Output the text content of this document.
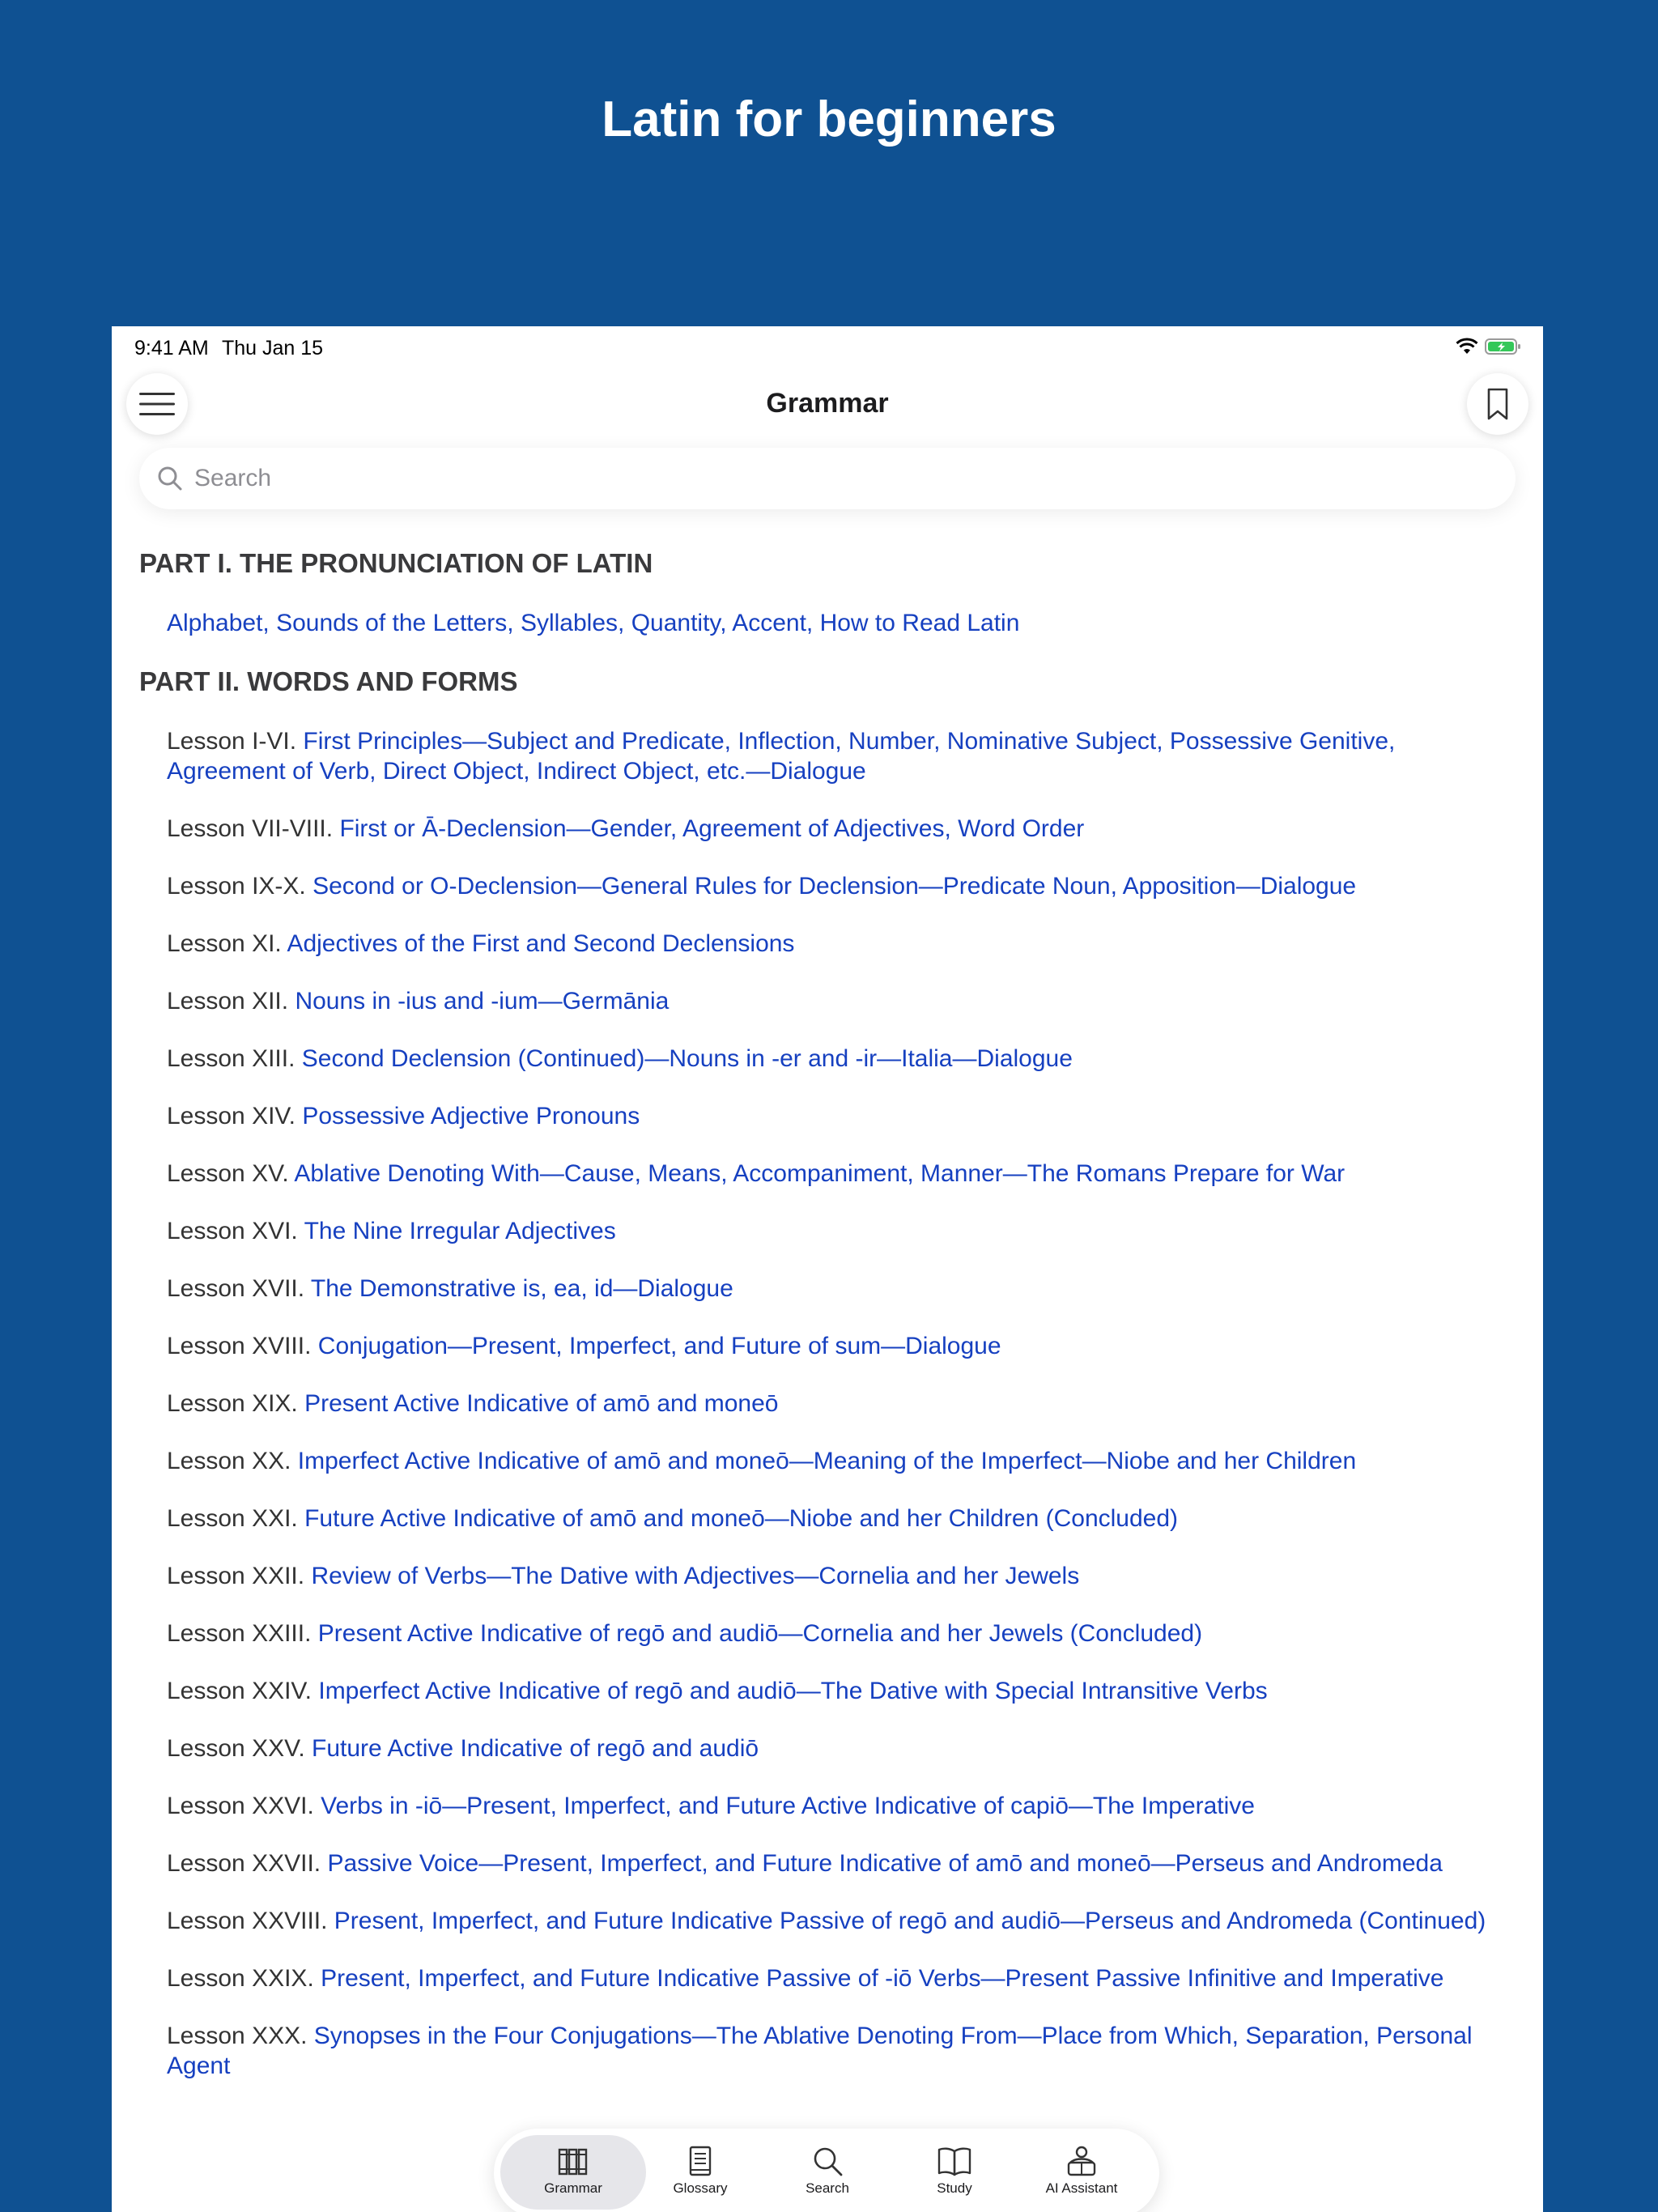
Latin for beginners
9:41 AM Thu Jan 15
Grammar
Search
PART I. THE PRONUNCIATION OF LATIN
Alphabet, Sounds of the Letters, Syllables, Quantity, Accent, How to Read Latin
PART II. WORDS AND FORMS
Lesson I-VI. First Principles—Subject and Predicate, Inflection, Number, Nominative Subject, Possessive Genitive, Agreement of Verb, Direct Object, Indirect Object, etc.—Dialogue
Lesson VII-VIII. First or Ā-Declension—Gender, Agreement of Adjectives, Word Order
Lesson IX-X. Second or O-Declension—General Rules for Declension—Predicate Noun, Apposition—Dialogue
Lesson XI. Adjectives of the First and Second Declensions
Lesson XII. Nouns in -ius and -ium—Germānia
Lesson XIII. Second Declension (Continued)—Nouns in -er and -ir—Italia—Dialogue
Lesson XIV. Possessive Adjective Pronouns
Lesson XV. Ablative Denoting With—Cause, Means, Accompaniment, Manner—The Romans Prepare for War
Lesson XVI. The Nine Irregular Adjectives
Lesson XVII. The Demonstrative is, ea, id—Dialogue
Lesson XVIII. Conjugation—Present, Imperfect, and Future of sum—Dialogue
Lesson XIX. Present Active Indicative of amō and moneō
Lesson XX. Imperfect Active Indicative of amō and moneō—Meaning of the Imperfect—Niobe and her Children
Lesson XXI. Future Active Indicative of amō and moneō—Niobe and her Children (Concluded)
Lesson XXII. Review of Verbs—The Dative with Adjectives—Cornelia and her Jewels
Lesson XXIII. Present Active Indicative of regō and audiō—Cornelia and her Jewels (Concluded)
Lesson XXIV. Imperfect Active Indicative of regō and audiō—The Dative with Special Intransitive Verbs
Lesson XXV. Future Active Indicative of regō and audiō
Lesson XXVI. Verbs in -iō—Present, Imperfect, and Future Active Indicative of capiō—The Imperative
Lesson XXVII. Passive Voice—Present, Imperfect, and Future Indicative of amō and moneō—Perseus and Andromeda
Lesson XXVIII. Present, Imperfect, and Future Indicative Passive of regō and audiō—Perseus and Andromeda (Continued)
Lesson XXIX. Present, Imperfect, and Future Indicative Passive of -iō Verbs—Present Passive Infinitive and Imperative
Lesson XXX. Synopses in the Four Conjugations—The Ablative Denoting From—Place from Which, Separation, Personal Agent
Grammar	Glossary	Search	Study	AI Assistant
